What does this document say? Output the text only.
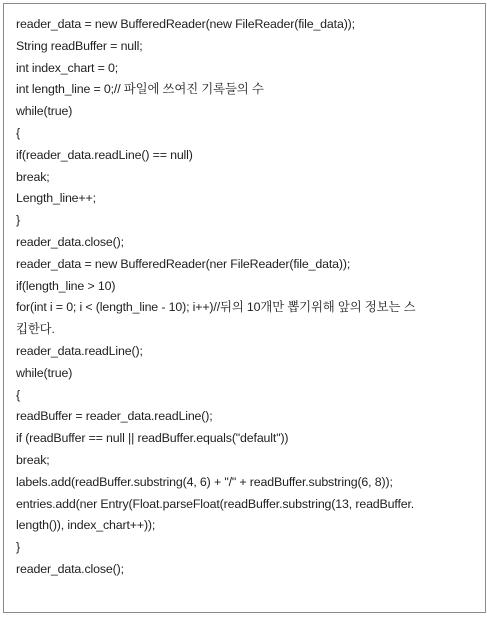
reader_data = new BufferedReader(new FileReader(file_data));
String readBuffer = null;
int index_chart = 0;
int length_line = 0;// 파일에 쓰여진 기록들의 수
while(true)
{
if(reader_data.readLine() == null)
break;
Length_line++;
}
reader_data.close();
reader_data = new BufferedReader(ner FileReader(file_data));
if(length_line > 10)
for(int i = 0; i < (length_line - 10); i++)//뒤의 10개만 뽑기위해 앞의 정보는 스
킵한다.
reader_data.readLine();
while(true)
{
readBuffer = reader_data.readLine();
if (readBuffer == null || readBuffer.equals("default"))
break;
labels.add(readBuffer.substring(4, 6) + "/" + readBuffer.substring(6, 8));
entries.add(ner Entry(Float.parseFloat(readBuffer.substring(13, readBuffer.
length()), index_chart++));
}
reader_data.close();
